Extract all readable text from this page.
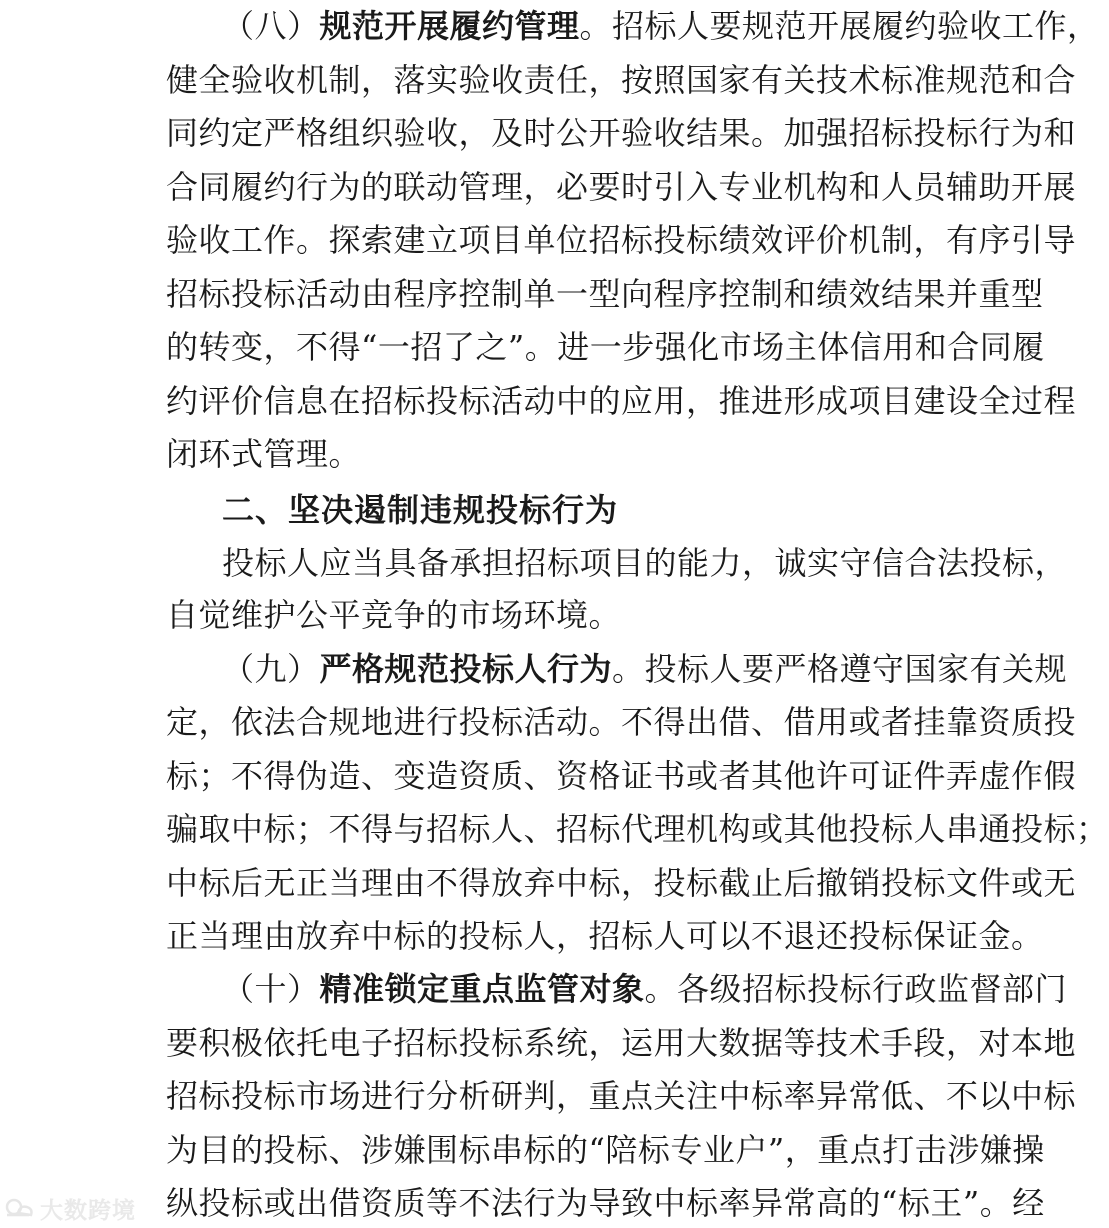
（八）规范开展履约管理。招标人要规范开展履约验收工作，
健全验收机制，落实验收责任，按照国家有关技术标准规范和合
同约定严格组织验收，及时公开验收结果。加强招标投标行为和
合同履约行为的联动管理，必要时引入专业机构和人员辅助开展
验收工作。探索建立项目单位招标投标绩效评价机制，有序引导
招标投标活动由程序控制单一型向程序控制和绩效结果并重型
的转变，不得“一招了之”。进一步强化市场主体信用和合同履
约评价信息在招标投标活动中的应用，推进形成项目建设全过程
闭环式管理。
二、坚决遏制违规投标行为
投标人应当具备承担招标项目的能力，诚实守信合法投标，
自觉维护公平竞争的市场环境。
（九）严格规范投标人行为。投标人要严格遵守国家有关规
定，依法合规地进行投标活动。不得出借、借用或者挂靠资质投
标；不得伪造、变造资质、资格证书或者其他许可证件弄虚作假
骗取中标；不得与招标人、招标代理机构或其他投标人串通投标；
中标后无正当理由不得放弃中标，投标截止后撤销投标文件或无
正当理由放弃中标的投标人，招标人可以不退还投标保证金。
（十）精准锁定重点监管对象。各级招标投标行政监督部门
要积极依托电子招标投标系统，运用大数据等技术手段，对本地
招标投标市场进行分析研判，重点关注中标率异常低、不以中标
为目的投标、涉嫌围标串标的“陪标专业户”，重点打击涉嫌操
纵投标或出借资质等不法行为导致中标率异常高的“标王”。经
大数跨境
